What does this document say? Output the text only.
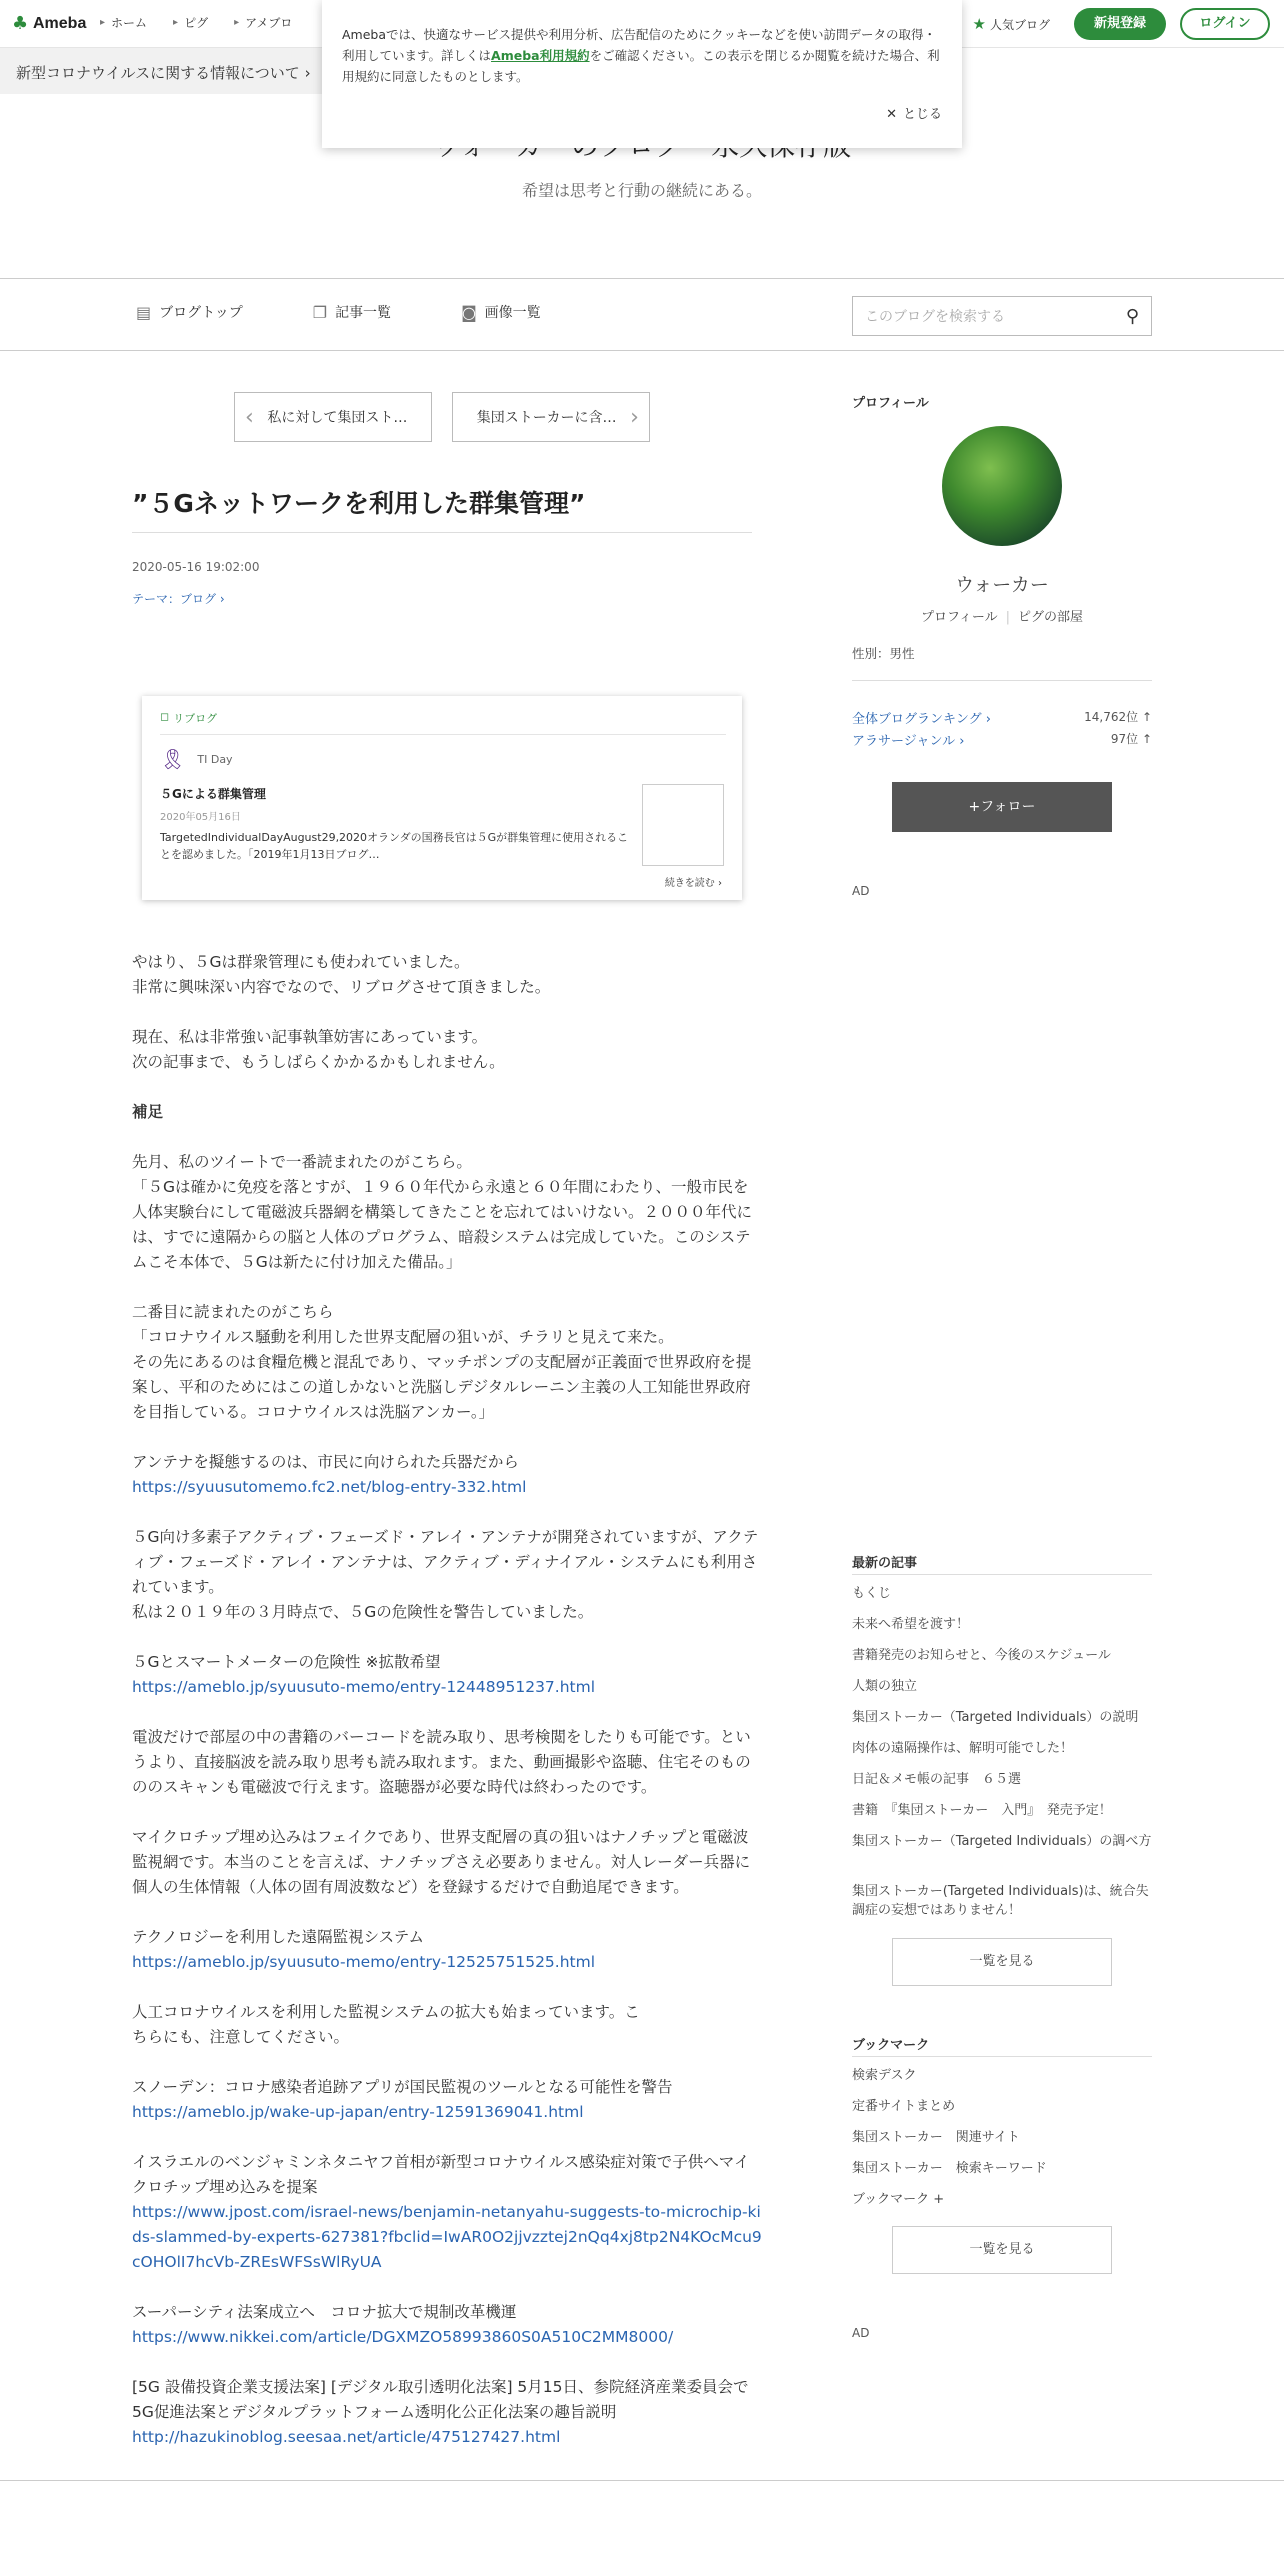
♣ Ameba ▸ ホーム	▸ ピグ	▸ アメブロ	★ 人気ブログ	新規登録	ログイン
新型コロナウイルスに関する情報について ›
Amebaでは、快適なサービス提供や利用分析、広告配信のためにクッキーなどを使い訪問データの取得・利用しています。詳しくはAmeba利用規約をご確認ください。この表示を閉じるか閲覧を続けた場合、利用規約に同意したものとします。
✕ とじる
希望は思考と行動の継続にある。
▤ ブログトップ	❐ 記事一覧	◙ 画像一覧	このブログを検索する	⚲
‹ 私に対して集団スト…	集団ストーカーに含… ›
”５Gネットワークを利用した群集管理”
2020-05-16 19:02:00
テーマ：ブログ ›
◻ リブログ
🎗 TI Day
５Gによる群集管理
2020年05月16日
TargetedIndividualDayAugust29,2020オランダの国務長官は５Gが群集管理に使用されることを認めました。「2019年1月13日ブログ…
続きを読む ›
やはり、５Gは群衆管理にも使われていました。
非常に興味深い内容でなので、リブログさせて頂きました。
現在、私は非常強い記事執筆妨害にあっています。
次の記事まで、もうしばらくかかるかもしれません。
補足
先月、私のツイートで一番読まれたのがこちら。
「５Gは確かに免疫を落とすが、１９６０年代から永遠と６０年間にわたり、一般市民を人体実験台にして電磁波兵器網を構築してきたことを忘れてはいけない。２０００年代には、すでに遠隔からの脳と人体のプログラム、暗殺システムは完成していた。このシステムこそ本体で、５Gは新たに付け加えた備品。」
二番目に読まれたのがこちら
「コロナウイルス騒動を利用した世界支配層の狙いが、チラリと見えて来た。
その先にあるのは食糧危機と混乱であり、マッチポンプの支配層が正義面で世界政府を提案し、平和のためにはこの道しかないと洗脳しデジタルレーニン主義の人工知能世界政府を目指している。コロナウイルスは洗脳アンカー。」
アンテナを擬態するのは、市民に向けられた兵器だから
https://syuusutomemo.fc2.net/blog-entry-332.html
５G向け多素子アクティブ・フェーズド・アレイ・アンテナが開発されていますが、アクティブ・フェーズド・アレイ・アンテナは、アクティブ・ディナイアル・システムにも利用されています。
私は２０１９年の３月時点で、５Gの危険性を警告していました。
５Gとスマートメーターの危険性 ※拡散希望
https://ameblo.jp/syuusuto-memo/entry-12448951237.html
電波だけで部屋の中の書籍のバーコードを読み取り、思考検閲をしたりも可能です。というより、直接脳波を読み取り思考も読み取れます。また、動画撮影や盗聴、住宅そのものののスキャンも電磁波で行えます。盗聴器が必要な時代は終わったのです。
マイクロチップ埋め込みはフェイクであり、世界支配層の真の狙いはナノチップと電磁波監視網です。本当のことを言えば、ナノチップさえ必要ありません。対人レーダー兵器に個人の生体情報（人体の固有周波数など）を登録するだけで自動追尾できます。
テクノロジーを利用した遠隔監視システム
https://ameblo.jp/syuusuto-memo/entry-12525751525.html
人工コロナウイルスを利用した監視システムの拡大も始まっています。こ
ちらにも、注意してください。
スノーデン：コロナ感染者追跡アプリが国民監視のツールとなる可能性を警告
https://ameblo.jp/wake-up-japan/entry-12591369041.html
イスラエルのベンジャミンネタニヤフ首相が新型コロナウイルス感染症対策で子供へマイクロチップ埋め込みを提案
https://www.jpost.com/israel-news/benjamin-netanyahu-suggests-to-microchip-kids-slammed-by-experts-627381?fbclid=IwAR0O2jjvzztej2nQq4xj8tp2N4KOcMcu9cOHOlI7hcVb-ZREsWFSsWlRyUA
スーパーシティ法案成立へ　コロナ拡大で規制改革機運
https://www.nikkei.com/article/DGXMZO58993860S0A510C2MM8000/
[5G 設備投資企業支援法案] [デジタル取引透明化法案] 5月15日、参院経済産業委員会で5G促進法案とデジタルプラットフォーム透明化公正化法案の趣旨説明
http://hazukinoblog.seesaa.net/article/475127427.html
プロフィール
ウォーカー
プロフィール | ピグの部屋
性別：男性
全体ブログランキング ›	14,762位 ↑
アラサージャンル ›	97位 ↑
+フォロー
AD
最新の記事
もくじ
未来へ希望を渡す！
書籍発売のお知らせと、今後のスケジュール
人類の独立
集団ストーカー（Targeted Individuals）の説明
肉体の遠隔操作は、解明可能でした！
日記＆メモ帳の記事　６５選
書籍　『集団ストーカー　入門』　発売予定！
集団ストーカー（Targeted Individuals）の調べ方
集団ストーカー(Targeted Individuals)は、統合失調症の妄想ではありません！
一覧を見る
ブックマーク
検索デスク
定番サイトまとめ
集団ストーカー　関連サイト
集団ストーカー　検索キーワード
ブックマーク +
一覧を見る
AD
